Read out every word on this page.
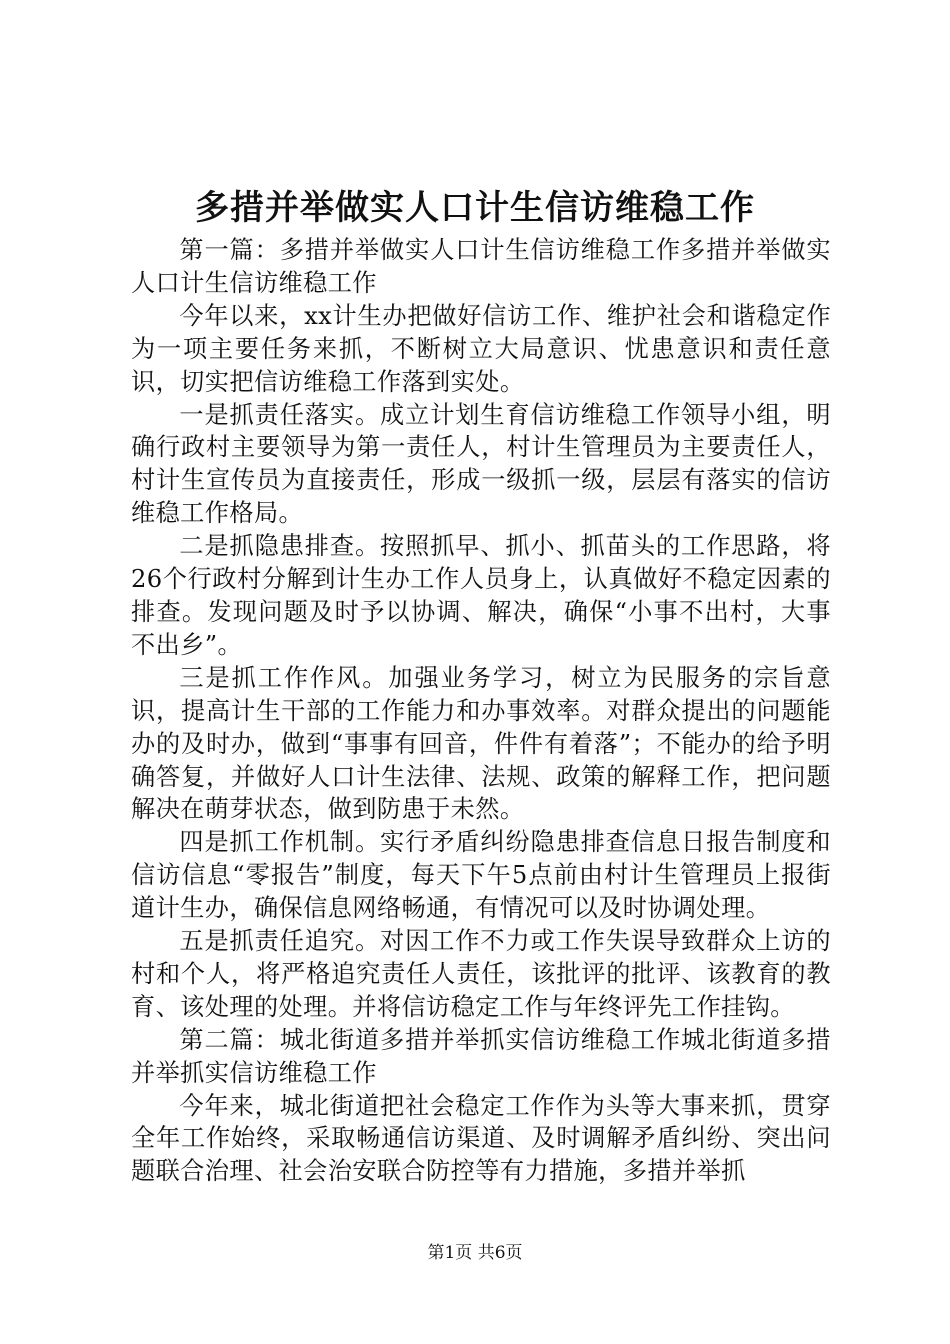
多措并举做实人口计生信访维稳工作

第一篇：多措并举做实人口计生信访维稳工作多措并举做实人口计生信访维稳工作

今年以来，xx计生办把做好信访工作、维护社会和谐稳定作为一项主要任务来抓，不断树立大局意识、忧患意识和责任意识，切实把信访维稳工作落到实处。

一是抓责任落实。成立计划生育信访维稳工作领导小组，明确行政村主要领导为第一责任人，村计生管理员为主要责任人，村计生宣传员为直接责任，形成一级抓一级，层层有落实的信访维稳工作格局。

二是抓隐患排查。按照抓早、抓小、抓苗头的工作思路，将26个行政村分解到计生办工作人员身上，认真做好不稳定因素的排查。发现问题及时予以协调、解决，确保“小事不出村，大事不出乡”。

三是抓工作作风。加强业务学习，树立为民服务的宗旨意识，提高计生干部的工作能力和办事效率。对群众提出的问题能办的及时办，做到“事事有回音，件件有着落”；不能办的给予明确答复，并做好人口计生法律、法规、政策的解释工作，把问题解决在萌芽状态，做到防患于未然。

四是抓工作机制。实行矛盾纠纷隐患排查信息日报告制度和信访信息“零报告”制度，每天下午5点前由村计生管理员上报街道计生办，确保信息网络畅通，有情况可以及时协调处理。

五是抓责任追究。对因工作不力或工作失误导致群众上访的村和个人，将严格追究责任人责任，该批评的批评、该教育的教育、该处理的处理。并将信访稳定工作与年终评先工作挂钩。

第二篇：城北街道多措并举抓实信访维稳工作城北街道多措并举抓实信访维稳工作

今年来，城北街道把社会稳定工作作为头等大事来抓，贯穿全年工作始终，采取畅通信访渠道、及时调解矛盾纠纷、突出问题联合治理、社会治安联合防控等有力措施，多措并举抓

第1页 共6页
